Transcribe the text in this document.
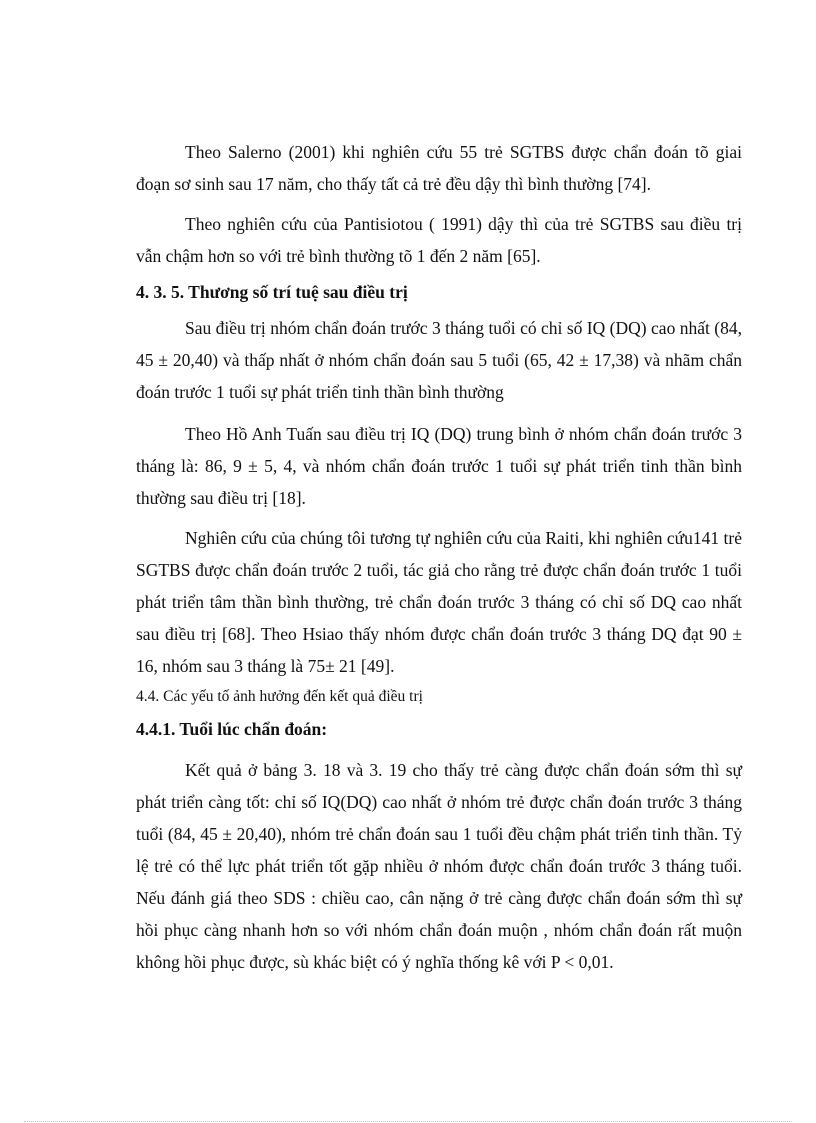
Theo Salerno (2001) khi nghiên cứu 55 trẻ SGTBS được chẩn đoán tõ giai đoạn sơ sinh sau 17 năm, cho thấy tất cả trẻ đều dậy thì bình thường [74].

Theo nghiên cứu của Pantisiotou ( 1991) dậy thì của trẻ SGTBS sau điều trị vẫn chậm hơn so với trẻ bình thường tõ 1 đến 2 năm [65].

4. 3. 5. Thương số trí tuệ sau điều trị

Sau điều trị nhóm chẩn đoán trước 3 tháng tuổi có chỉ số IQ (DQ) cao nhất (84, 45 ± 20,40) và thấp nhất ở nhóm chẩn đoán sau 5 tuổi (65, 42 ± 17,38) và nhãm chẩn đoán trước 1 tuổi sự phát triển tinh thần bình thường

Theo Hồ Anh Tuấn sau điều trị IQ (DQ) trung bình ở nhóm chẩn đoán trước 3 tháng là: 86, 9 ± 5, 4, và nhóm chẩn đoán trước 1 tuổi sự phát triển tinh thần bình thường sau điều trị [18].

Nghiên cứu của chúng tôi tương tự nghiên cứu của Raiti, khi nghiên cứu141 trẻ SGTBS được chẩn đoán trước 2 tuổi, tác giả cho rằng trẻ được chẩn đoán trước 1 tuổi phát triển tâm thần bình thường, trẻ chẩn đoán trước 3 tháng có chỉ số DQ cao nhất sau điều trị [68]. Theo Hsiao thấy nhóm được chẩn đoán trước 3 tháng DQ đạt 90 ± 16, nhóm sau 3 tháng là 75± 21 [49].

4.4. Các yếu tố ảnh hưởng đến kết quả điều trị

4.4.1. Tuổi lúc chẩn đoán:

Kết quả ở bảng 3. 18 và 3. 19 cho thấy trẻ càng được chẩn đoán sớm thì sự phát triển càng tốt: chỉ số IQ(DQ) cao nhất ở nhóm trẻ được chẩn đoán trước 3 tháng tuổi (84, 45 ± 20,40), nhóm trẻ chẩn đoán sau 1 tuổi đều chậm phát triển tinh thần. Tỷ lệ trẻ có thể lực phát triển tốt gặp nhiều ở nhóm được chẩn đoán trước 3 tháng tuổi. Nếu đánh giá theo SDS : chiều cao, cân nặng ở trẻ càng được chẩn đoán sớm thì sự hồi phục càng nhanh hơn so với nhóm chẩn đoán muộn , nhóm chẩn đoán rất muộn không hồi phục được, sù khác biệt có ý nghĩa thống kê với P < 0,01.
